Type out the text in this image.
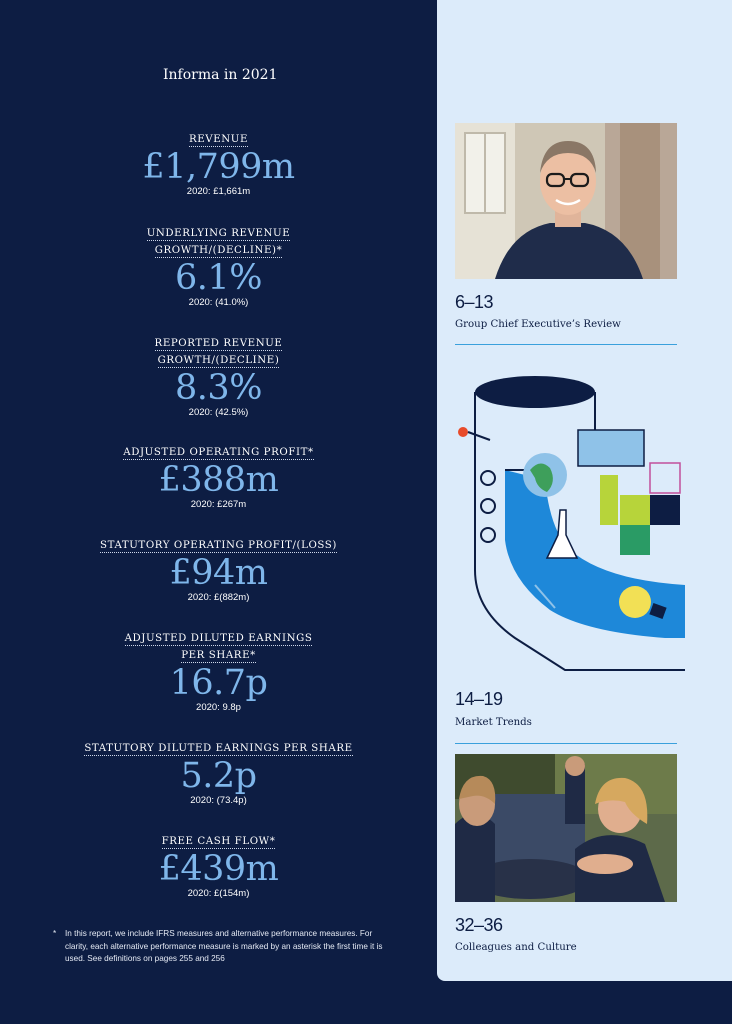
Informa in 2021
REVENUE
£1,799m
2020: £1,661m
UNDERLYING REVENUE
GROWTH/(DECLINE)*
6.1%
2020: (41.0%)
REPORTED REVENUE
GROWTH/(DECLINE)
8.3%
2020: (42.5%)
ADJUSTED OPERATING PROFIT*
£388m
2020: £267m
STATUTORY OPERATING PROFIT/(LOSS)
£94m
2020: £(882m)
ADJUSTED DILUTED EARNINGS
PER SHARE*
16.7p
2020: 9.8p
STATUTORY DILUTED EARNINGS PER SHARE
5.2p
2020: (73.4p)
FREE CASH FLOW*
£439m
2020: £(154m)
*	In this report, we include IFRS measures and alternative performance measures. For clarity, each alternative performance measure is marked by an asterisk the first time it is used. See definitions on pages 255 and 256
6–13
Group Chief Executive’s Review
14–19
Market Trends
32–36
Colleagues and Culture
